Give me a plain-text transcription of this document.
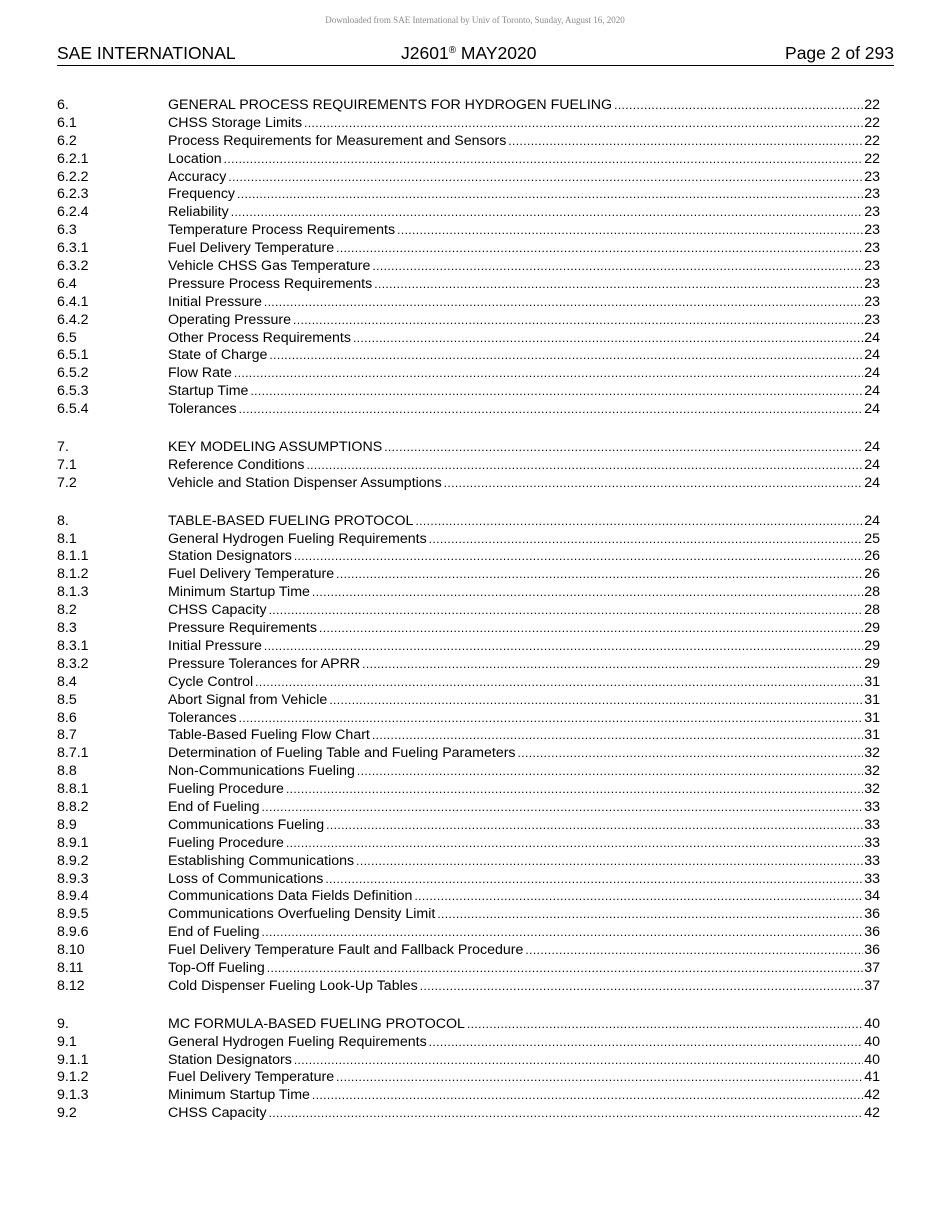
Downloaded from SAE International by Univ of Toronto, Sunday, August 16, 2020
SAE INTERNATIONAL	J2601® MAY2020	Page 2 of 293
6.	GENERAL PROCESS REQUIREMENTS FOR HYDROGEN FUELING .....	22
6.1	CHSS Storage Limits .....	22
6.2	Process Requirements for Measurement and Sensors .....	22
6.2.1	Location .....	22
6.2.2	Accuracy .....	23
6.2.3	Frequency .....	23
6.2.4	Reliability .....	23
6.3	Temperature Process Requirements .....	23
6.3.1	Fuel Delivery Temperature .....	23
6.3.2	Vehicle CHSS Gas Temperature .....	23
6.4	Pressure Process Requirements .....	23
6.4.1	Initial Pressure .....	23
6.4.2	Operating Pressure .....	23
6.5	Other Process Requirements .....	24
6.5.1	State of Charge .....	24
6.5.2	Flow Rate .....	24
6.5.3	Startup Time .....	24
6.5.4	Tolerances .....	24
7.	KEY MODELING ASSUMPTIONS .....	24
7.1	Reference Conditions .....	24
7.2	Vehicle and Station Dispenser Assumptions .....	24
8.	TABLE-BASED FUELING PROTOCOL .....	24
8.1	General Hydrogen Fueling Requirements .....	25
8.1.1	Station Designators .....	26
8.1.2	Fuel Delivery Temperature .....	26
8.1.3	Minimum Startup Time .....	28
8.2	CHSS Capacity .....	28
8.3	Pressure Requirements .....	29
8.3.1	Initial Pressure .....	29
8.3.2	Pressure Tolerances for APRR .....	29
8.4	Cycle Control .....	31
8.5	Abort Signal from Vehicle .....	31
8.6	Tolerances .....	31
8.7	Table-Based Fueling Flow Chart .....	31
8.7.1	Determination of Fueling Table and Fueling Parameters .....	32
8.8	Non-Communications Fueling .....	32
8.8.1	Fueling Procedure .....	32
8.8.2	End of Fueling .....	33
8.9	Communications Fueling .....	33
8.9.1	Fueling Procedure .....	33
8.9.2	Establishing Communications .....	33
8.9.3	Loss of Communications .....	33
8.9.4	Communications Data Fields Definition .....	34
8.9.5	Communications Overfueling Density Limit .....	36
8.9.6	End of Fueling .....	36
8.10	Fuel Delivery Temperature Fault and Fallback Procedure .....	36
8.11	Top-Off Fueling .....	37
8.12	Cold Dispenser Fueling Look-Up Tables .....	37
9.	MC FORMULA-BASED FUELING PROTOCOL .....	40
9.1	General Hydrogen Fueling Requirements .....	40
9.1.1	Station Designators .....	40
9.1.2	Fuel Delivery Temperature .....	41
9.1.3	Minimum Startup Time .....	42
9.2	CHSS Capacity .....	42
